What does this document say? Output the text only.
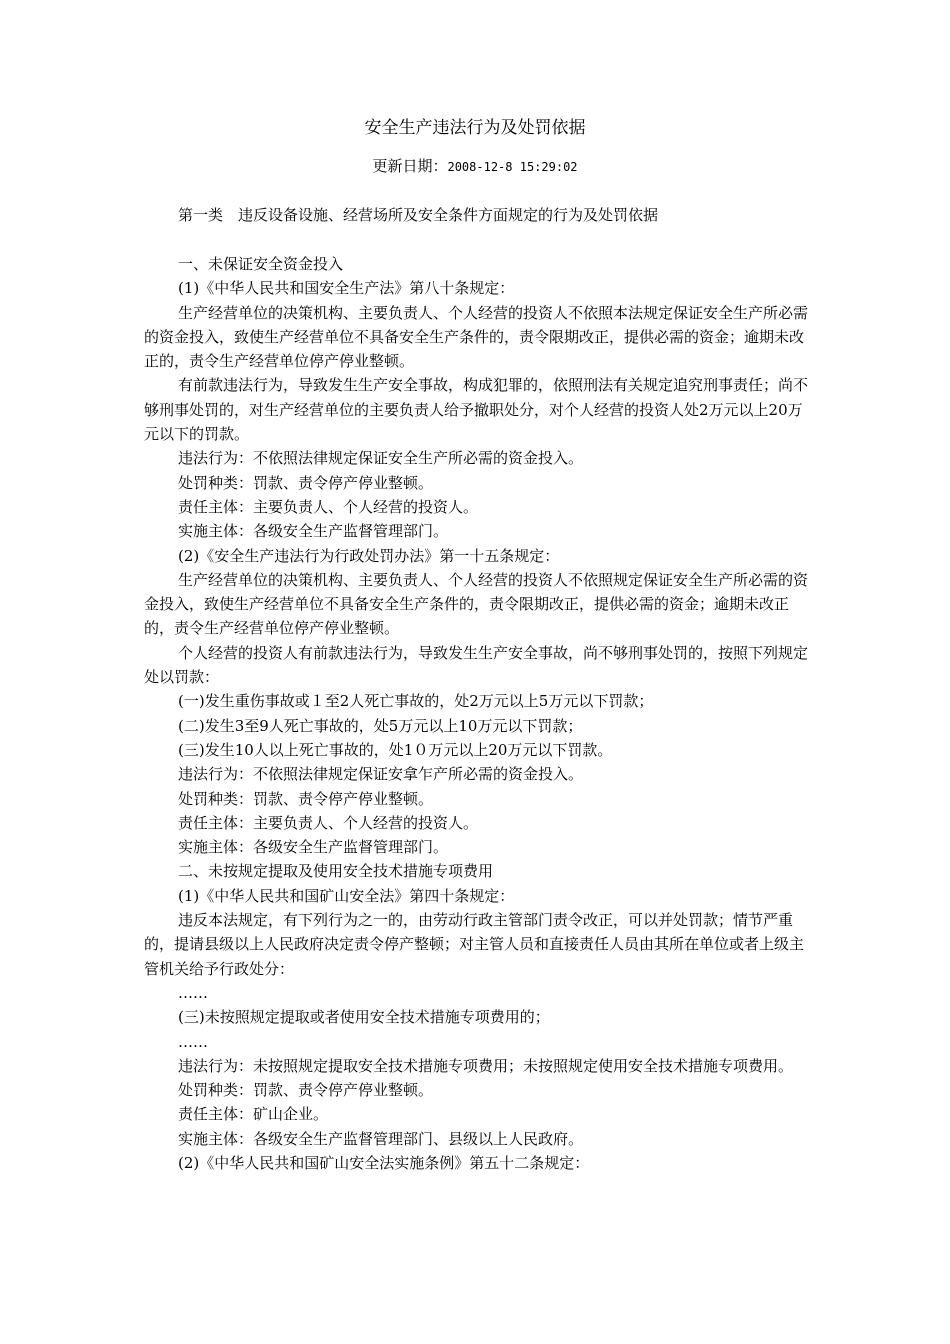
安全生产违法行为及处罚依据
更新日期：2008-12-8 15:29:02
第一类　违反设备设施、经营场所及安全条件方面规定的行为及处罚依据

一、未保证安全资金投入

(1)《中华人民共和国安全生产法》第八十条规定：

生产经营单位的决策机构、主要负责人、个人经营的投资人不依照本法规定保证安全生产所必需的资金投入，致使生产经营单位不具备安全生产条件的，责令限期改正，提供必需的资金；逾期未改正的，责令生产经营单位停产停业整顿。

有前款违法行为，导致发生生产安全事故，构成犯罪的，依照刑法有关规定追究刑事责任；尚不够刑事处罚的，对生产经营单位的主要负责人给予撤职处分，对个人经营的投资人处2万元以上20万元以下的罚款。

违法行为：不依照法律规定保证安全生产所必需的资金投入。

处罚种类：罚款、责令停产停业整顿。

责任主体：主要负责人、个人经营的投资人。

实施主体：各级安全生产监督管理部门。

(2)《安全生产违法行为行政处罚办法》第一十五条规定：

生产经营单位的决策机构、主要负责人、个人经营的投资人不依照规定保证安全生产所必需的资金投入，致使生产经营单位不具备安全生产条件的，责令限期改正，提供必需的资金；逾期未改正的，责令生产经营单位停产停业整顿。

个人经营的投资人有前款违法行为，导致发生生产安全事故，尚不够刑事处罚的，按照下列规定处以罚款：

(一)发生重伤事故或１至2人死亡事故的，处2万元以上5万元以下罚款；

(二)发生3至9人死亡事故的，处5万元以上10万元以下罚款；

(三)发生10人以上死亡事故的，处1０万元以上20万元以下罚款。

违法行为：不依照法律规定保证安拿乍产所必需的资金投入。

处罚种类：罚款、责令停产停业整顿。

责任主体：主要负责人、个人经营的投资人。

实施主体：各级安全生产监督管理部门。

二、未按规定提取及使用安全技术措施专项费用

(1)《中华人民共和国矿山安全法》第四十条规定：

违反本法规定，有下列行为之一的，由劳动行政主管部门责令改正，可以并处罚款；情节严重的，提请县级以上人民政府决定责令停产整顿；对主管人员和直接责任人员由其所在单位或者上级主管机关给予行政处分：

……

(三)未按照规定提取或者使用安全技术措施专项费用的；

……

违法行为：未按照规定提取安全技术措施专项费用；未按照规定使用安全技术措施专项费用。

处罚种类：罚款、责令停产停业整顿。

责任主体：矿山企业。

实施主体：各级安全生产监督管理部门、县级以上人民政府。

(2)《中华人民共和国矿山安全法实施条例》第五十二条规定：
